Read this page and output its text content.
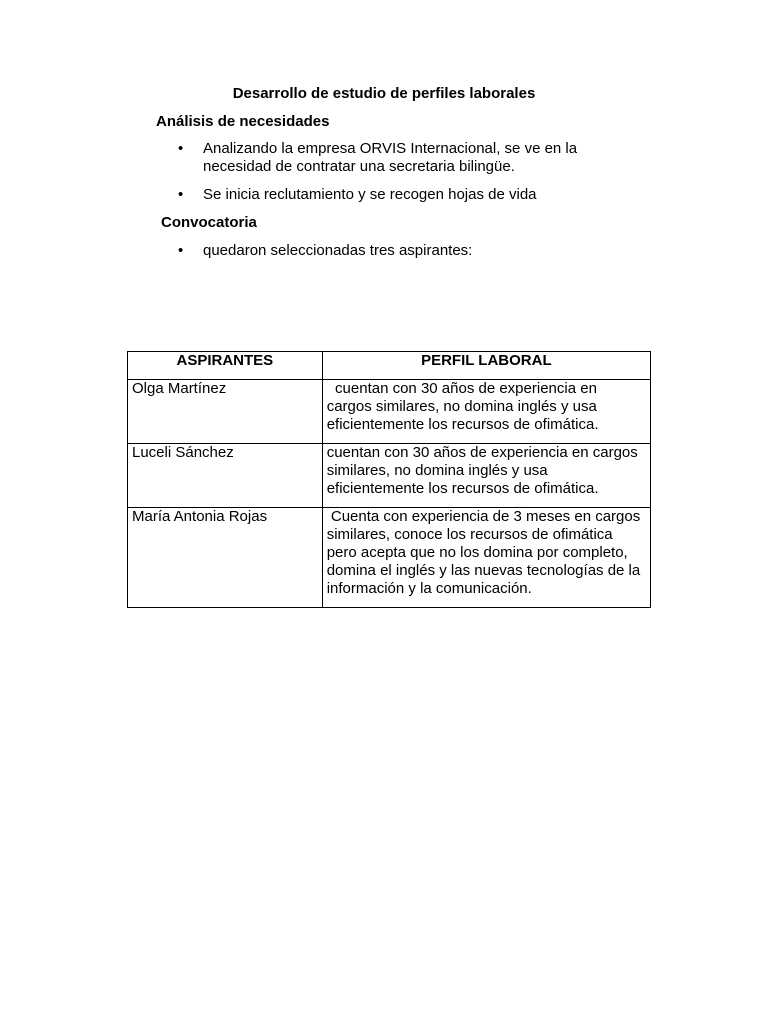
Desarrollo de estudio de perfiles laborales
Análisis de necesidades
•	Analizando la empresa ORVIS Internacional, se ve en la necesidad de contratar una secretaria bilingüe.
•	Se inicia reclutamiento y se recogen hojas de vida
Convocatoria
•	quedaron seleccionadas tres aspirantes:
ASPIRANTES	PERFIL LABORAL
Olga Martínez	cuentan con 30 años de experiencia en cargos similares, no domina inglés y usa eficientemente los recursos de ofimática.
Luceli Sánchez	cuentan con 30 años de experiencia en cargos similares, no domina inglés y usa eficientemente los recursos de ofimática.
María Antonia Rojas	Cuenta con experiencia de 3 meses en cargos similares, conoce los recursos de ofimática pero acepta que no los domina por completo, domina el inglés y las nuevas tecnologías de la información y la comunicación.
